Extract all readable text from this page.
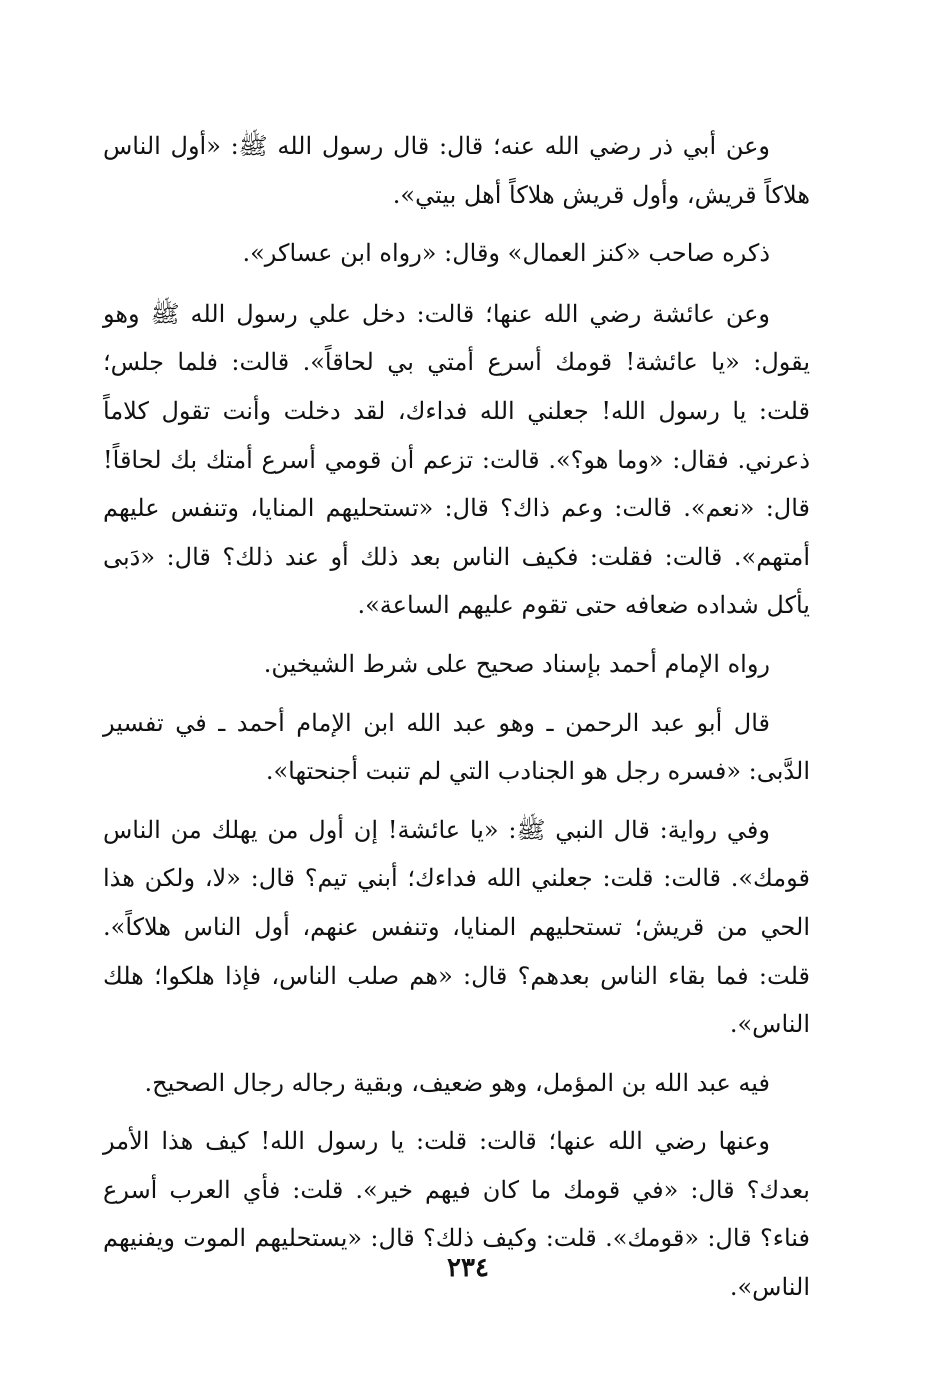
وعن أبي ذر رضي الله عنه؛ قال: قال رسول الله ﷺ: «أول الناس هلاكاً قريش، وأول قريش هلاكاً أهل بيتي».

ذكره صاحب «كنز العمال» وقال: «رواه ابن عساكر».

وعن عائشة رضي الله عنها؛ قالت: دخل علي رسول الله ﷺ وهو يقول: «يا عائشة! قومك أسرع أمتي بي لحاقاً». قالت: فلما جلس؛ قلت: يا رسول الله! جعلني الله فداءك، لقد دخلت وأنت تقول كلاماً ذعرني. فقال: «وما هو؟». قالت: تزعم أن قومي أسرع أمتك بك لحاقاً! قال: «نعم». قالت: وعم ذاك؟ قال: «تستحليهم المنايا، وتنفس عليهم أمتهم». قالت: فقلت: فكيف الناس بعد ذلك أو عند ذلك؟ قال: «دَبى يأكل شداده ضعافه حتى تقوم عليهم الساعة».

رواه الإمام أحمد بإسناد صحيح على شرط الشيخين.

قال أبو عبد الرحمن ـ وهو عبد الله ابن الإمام أحمد ـ في تفسير الدَّبى: «فسره رجل هو الجنادب التي لم تنبت أجنحتها».

وفي رواية: قال النبي ﷺ: «يا عائشة! إن أول من يهلك من الناس قومك». قالت: قلت: جعلني الله فداءك؛ أبني تيم؟ قال: «لا، ولكن هذا الحي من قريش؛ تستحليهم المنايا، وتنفس عنهم، أول الناس هلاكاً». قلت: فما بقاء الناس بعدهم؟ قال: «هم صلب الناس، فإذا هلكوا؛ هلك الناس».

فيه عبد الله بن المؤمل، وهو ضعيف، وبقية رجاله رجال الصحيح.

وعنها رضي الله عنها؛ قالت: قلت: يا رسول الله! كيف هذا الأمر بعدك؟ قال: «في قومك ما كان فيهم خير». قلت: فأي العرب أسرع فناء؟ قال: «قومك». قلت: وكيف ذلك؟ قال: «يستحليهم الموت ويفنيهم الناس».

٢٣٤
